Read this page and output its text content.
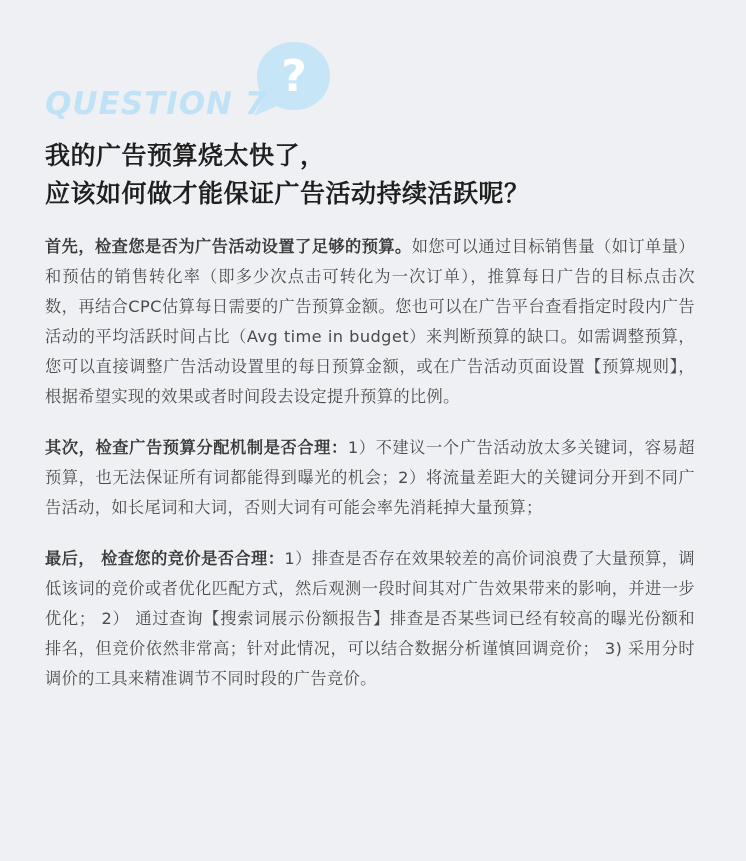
?

QUESTION 7

我的广告预算烧太快了，
应该如何做才能保证广告活动持续活跃呢？

首先，检查您是否为广告活动设置了足够的预算。如您可以通过目标销售量（如订单量）和预估的销售转化率（即多少次点击可转化为一次订单），推算每日广告的目标点击次数，再结合CPC估算每日需要的广告预算金额。您也可以在广告平台查看指定时段内广告活动的平均活跃时间占比（Avg time in budget）来判断预算的缺口。如需调整预算，您可以直接调整广告活动设置里的每日预算金额，或在广告活动页面设置【预算规则】，根据希望实现的效果或者时间段去设定提升预算的比例。

其次，检查广告预算分配机制是否合理：1）不建议一个广告活动放太多关键词，容易超预算，也无法保证所有词都能得到曝光的机会；2）将流量差距大的关键词分开到不同广告活动，如长尾词和大词，否则大词有可能会率先消耗掉大量预算；

最后， 检查您的竞价是否合理：1）排查是否存在效果较差的高价词浪费了大量预算，调低该词的竞价或者优化匹配方式，然后观测一段时间其对广告效果带来的影响，并进一步优化； 2） 通过查询【搜索词展示份额报告】排查是否某些词已经有较高的曝光份额和排名，但竞价依然非常高；针对此情况，可以结合数据分析谨慎回调竞价； 3) 采用分时调价的工具来精准调节不同时段的广告竞价。
